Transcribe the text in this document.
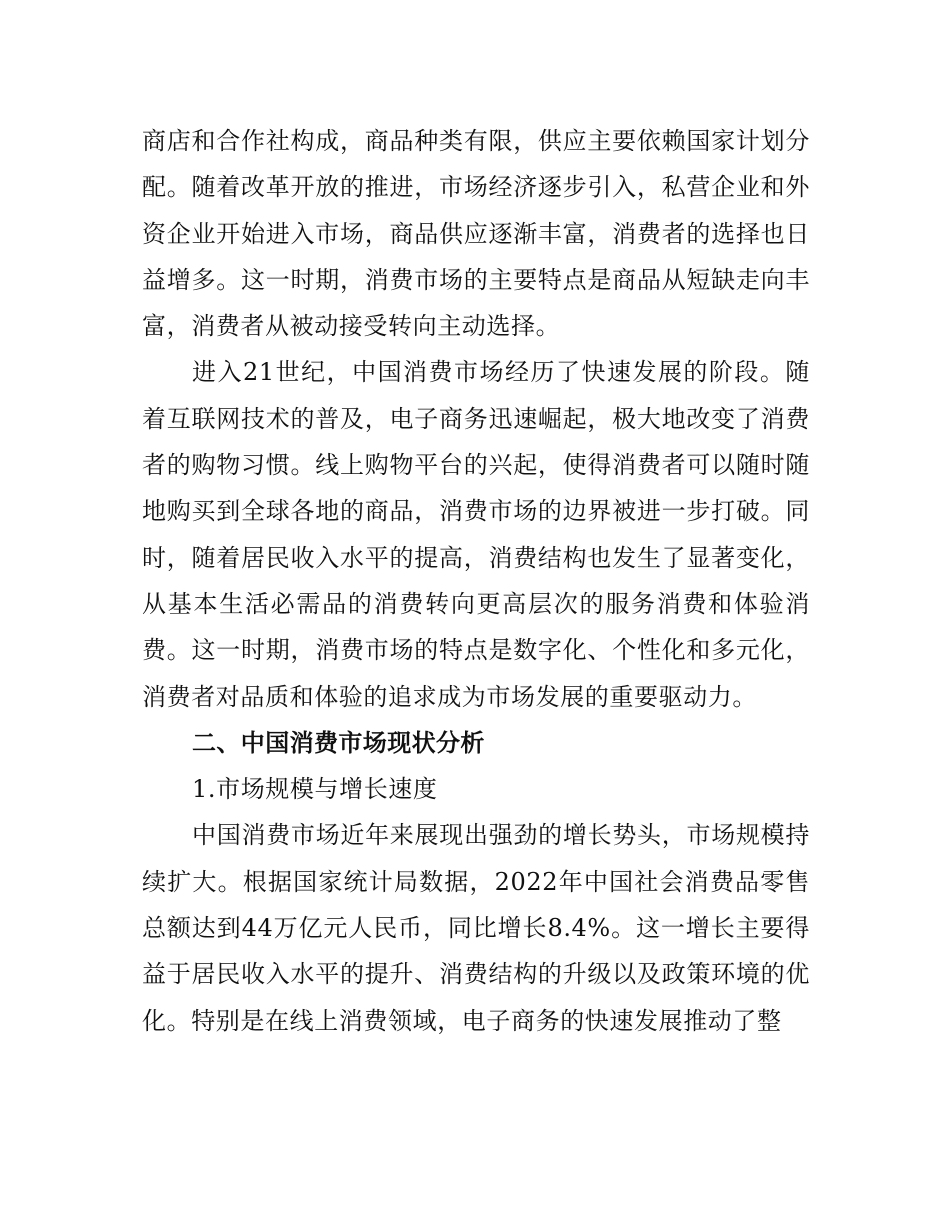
商店和合作社构成，商品种类有限，供应主要依赖国家计划分配。随着改革开放的推进，市场经济逐步引入，私营企业和外资企业开始进入市场，商品供应逐渐丰富，消费者的选择也日益增多。这一时期，消费市场的主要特点是商品从短缺走向丰富，消费者从被动接受转向主动选择。

进入21世纪，中国消费市场经历了快速发展的阶段。随着互联网技术的普及，电子商务迅速崛起，极大地改变了消费者的购物习惯。线上购物平台的兴起，使得消费者可以随时随地购买到全球各地的商品，消费市场的边界被进一步打破。同时，随着居民收入水平的提高，消费结构也发生了显著变化，从基本生活必需品的消费转向更高层次的服务消费和体验消费。这一时期，消费市场的特点是数字化、个性化和多元化，消费者对品质和体验的追求成为市场发展的重要驱动力。

二、中国消费市场现状分析

1.市场规模与增长速度

中国消费市场近年来展现出强劲的增长势头，市场规模持续扩大。根据国家统计局数据，2022年中国社会消费品零售总额达到44万亿元人民币，同比增长8.4%。这一增长主要得益于居民收入水平的提升、消费结构的升级以及政策环境的优化。特别是在线上消费领域，电子商务的快速发展推动了整
